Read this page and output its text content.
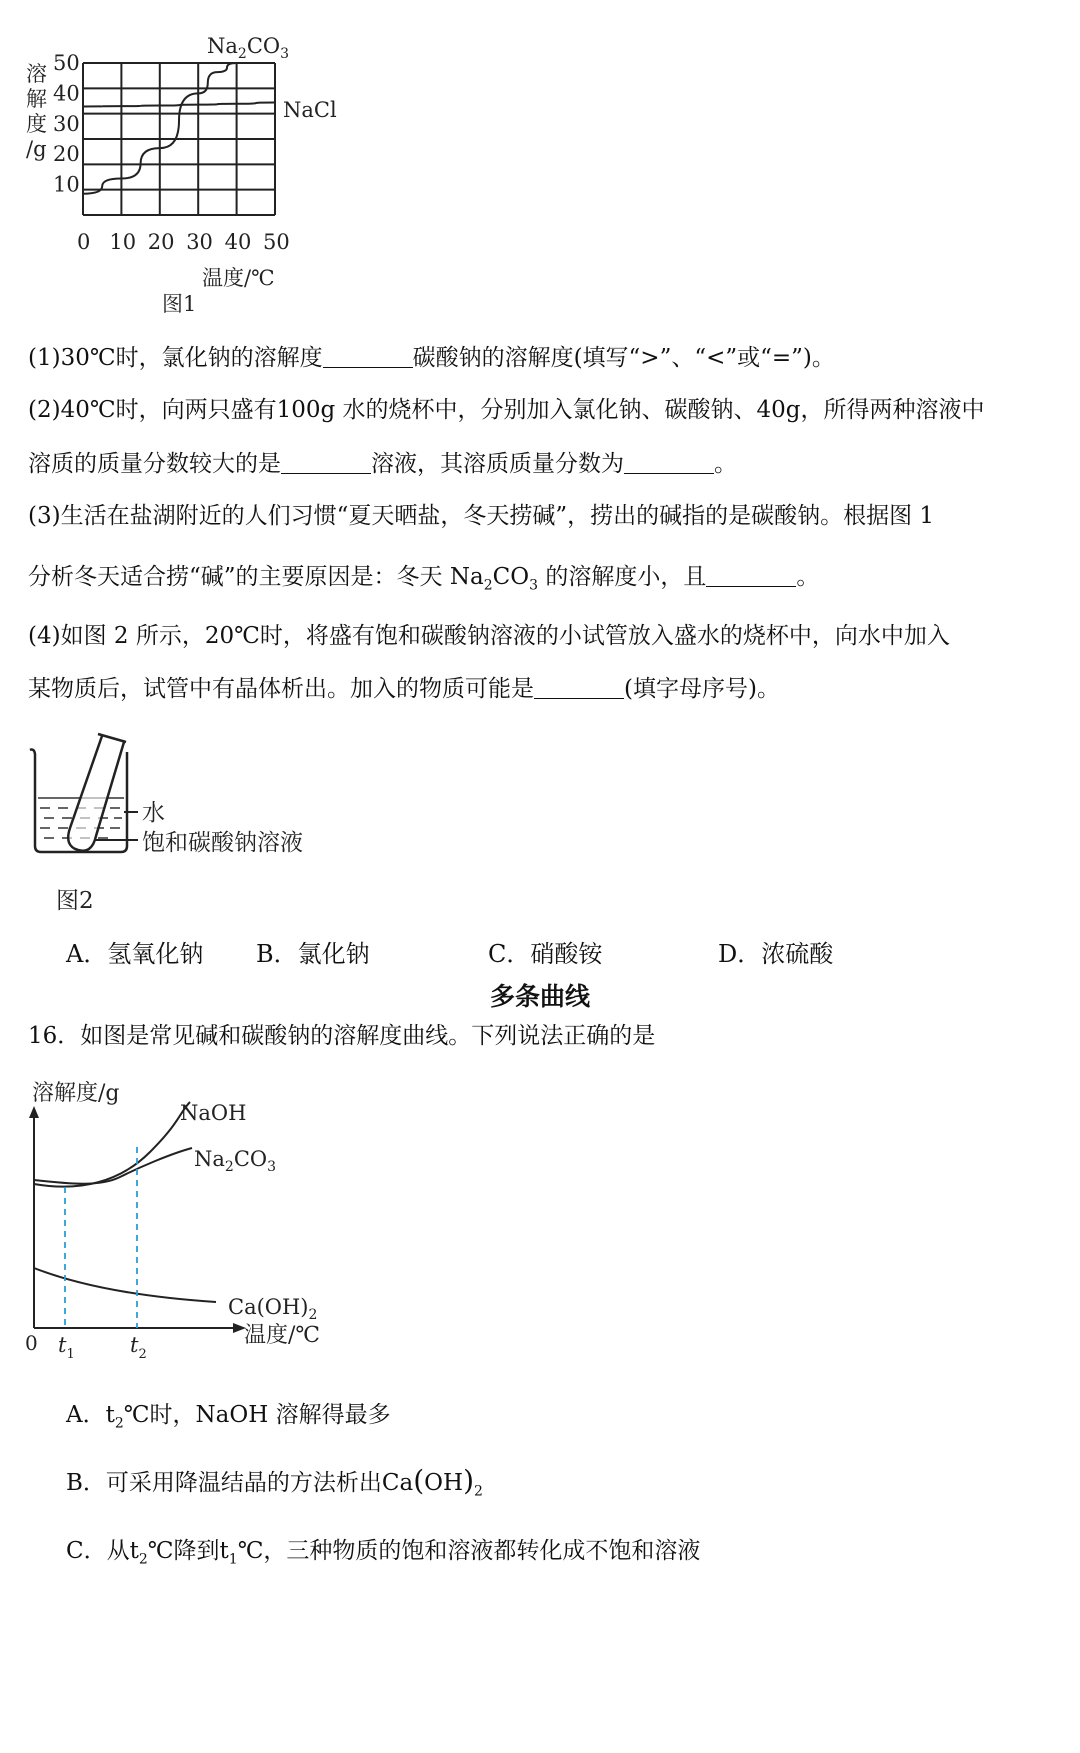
0 10 20 30 40 50
10
20
30
40
50
溶
解
度
/g
$Na_2CO_3$
NaCl
温度/℃
图1
(1)30℃时，氯化钠的溶解度	碳酸钠的溶解度(填写“>”、“<”或“=”)。
(2)40℃时，向两只盛有100g 水的烧杯中，分别加入氯化钠、碳酸钠、40g，所得两种溶液中
溶质的质量分数较大的是	溶液，其溶质质量分数为	。
(3)生活在盐湖附近的人们习惯“夏天晒盐，冬天捞碱”，捞出的碱指的是碳酸钠。根据图 1
分析冬天适合捞“碱”的主要原因是：冬天 $Na_2CO_3$ 的溶解度小，且	。
(4)如图 2 所示，20℃时，将盛有饱和碳酸钠溶液的小试管放入盛水的烧杯中，向水中加入
某物质后，试管中有晶体析出。加入的物质可能是	(填字母序号)。
水
饱和碳酸钠溶液
图2
A．氢氧化钠 B．氯化钠	C．硝酸铵	D．浓硫酸
多条曲线
16．如图是常见碱和碳酸钠的溶解度曲线。下列说法正确的是
溶解度/g
NaOH
$Na_2CO_3$
$Ca(OH)_2$
温度/℃
0 $t_1$	$t_2$
A．$t_2℃$时，NaOH 溶解得最多
B．可采用降温结晶的方法析出$Ca(OH)_2$
C．从$t_2℃$降到$t_1℃$，三种物质的饱和溶液都转化成不饱和溶液
